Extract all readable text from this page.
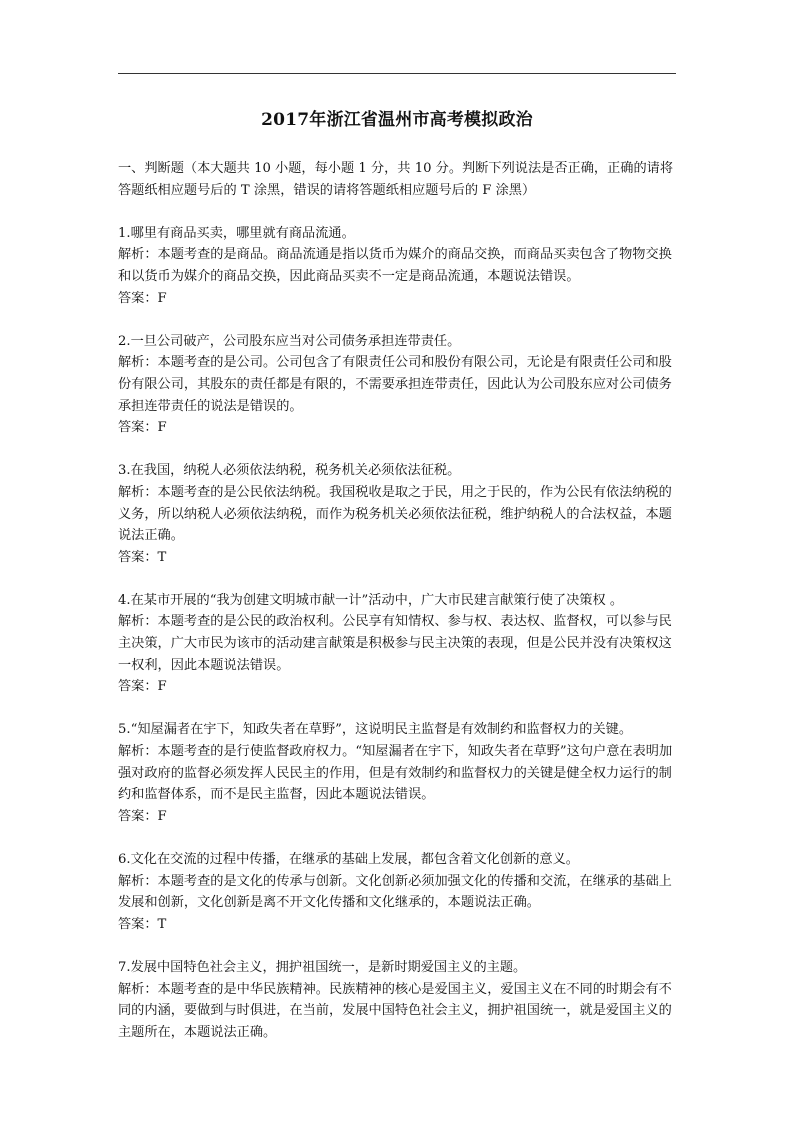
2017年浙江省温州市高考模拟政治

一、判断题（本大题共 10 小题，每小题 1 分，共 10 分。判断下列说法是否正确，正确的请将答题纸相应题号后的 T 涂黑，错误的请将答题纸相应题号后的 F 涂黑）

1.哪里有商品买卖，哪里就有商品流通。

解析：本题考查的是商品。商品流通是指以货币为媒介的商品交换，而商品买卖包含了物物交换和以货币为媒介的商品交换，因此商品买卖不一定是商品流通，本题说法错误。

答案：F

2.一旦公司破产，公司股东应当对公司债务承担连带责任。

解析：本题考查的是公司。公司包含了有限责任公司和股份有限公司，无论是有限责任公司和股份有限公司，其股东的责任都是有限的，不需要承担连带责任，因此认为公司股东应对公司债务承担连带责任的说法是错误的。

答案：F

3.在我国，纳税人必须依法纳税，税务机关必须依法征税。

解析：本题考查的是公民依法纳税。我国税收是取之于民，用之于民的，作为公民有依法纳税的义务，所以纳税人必须依法纳税，而作为税务机关必须依法征税，维护纳税人的合法权益，本题说法正确。

答案：T

4.在某市开展的“我为创建文明城市献一计”活动中，广大市民建言献策行使了决策权 。

解析：本题考查的是公民的政治权利。公民享有知情权、参与权、表达权、监督权，可以参与民主决策，广大市民为该市的活动建言献策是积极参与民主决策的表现，但是公民并没有决策权这一权利，因此本题说法错误。

答案：F

5.“知屋漏者在宇下，知政失者在草野”，这说明民主监督是有效制约和监督权力的关键。

解析：本题考查的是行使监督政府权力。“知屋漏者在宇下，知政失者在草野”这句户意在表明加强对政府的监督必须发挥人民民主的作用，但是有效制约和监督权力的关键是健全权力运行的制约和监督体系，而不是民主监督，因此本题说法错误。

答案：F

6.文化在交流的过程中传播，在继承的基础上发展，都包含着文化创新的意义。

解析：本题考查的是文化的传承与创新。文化创新必须加强文化的传播和交流，在继承的基础上发展和创新，文化创新是离不开文化传播和文化继承的，本题说法正确。

答案：T

7.发展中国特色社会主义，拥护祖国统一，是新时期爱国主义的主题。

解析：本题考查的是中华民族精神。民族精神的核心是爱国主义，爱国主义在不同的时期会有不同的内涵，要做到与时俱进，在当前，发展中国特色社会主义，拥护祖国统一，就是爱国主义的主题所在，本题说法正确。
